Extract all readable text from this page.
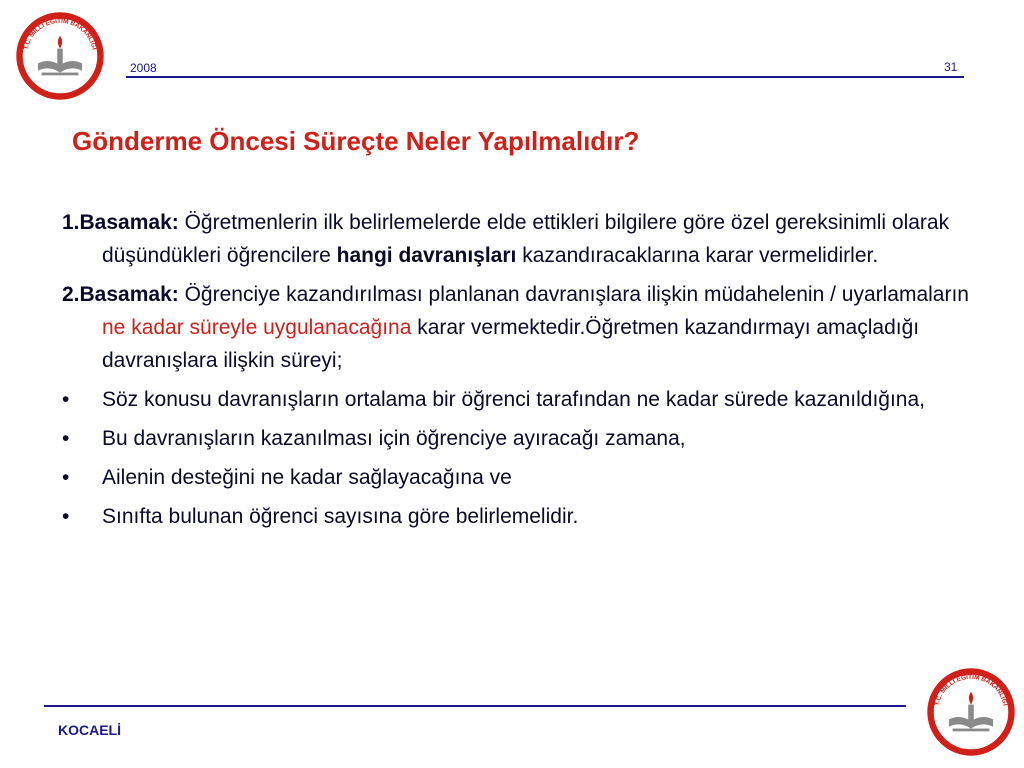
T.C. MİLLİ EĞİTİM BAKANLIĞI
2008	31
Gönderme Öncesi Süreçte Neler Yapılmalıdır?
1.Basamak: Öğretmenlerin ilk belirlemelerde elde ettikleri bilgilere göre özel gereksinimli olarak düşündükleri öğrencilere hangi davranışları kazandıracaklarına karar vermelidirler.
2.Basamak: Öğrenciye kazandırılması planlanan davranışlara ilişkin müdahelenin / uyarlamaların ne kadar süreyle uygulanacağına karar vermektedir.Öğretmen kazandırmayı amaçladığı davranışlara ilişkin süreyi;
•	Söz konusu davranışların ortalama bir öğrenci tarafından ne kadar sürede kazanıldığına,
•	Bu davranışların kazanılması için öğrenciye ayıracağı zamana,
•	Ailenin desteğini ne kadar sağlayacağına ve
•	Sınıfta bulunan öğrenci sayısına göre belirlemelidir.
KOCAELİ
T.C. MİLLİ EĞİTİM BAKANLIĞI
